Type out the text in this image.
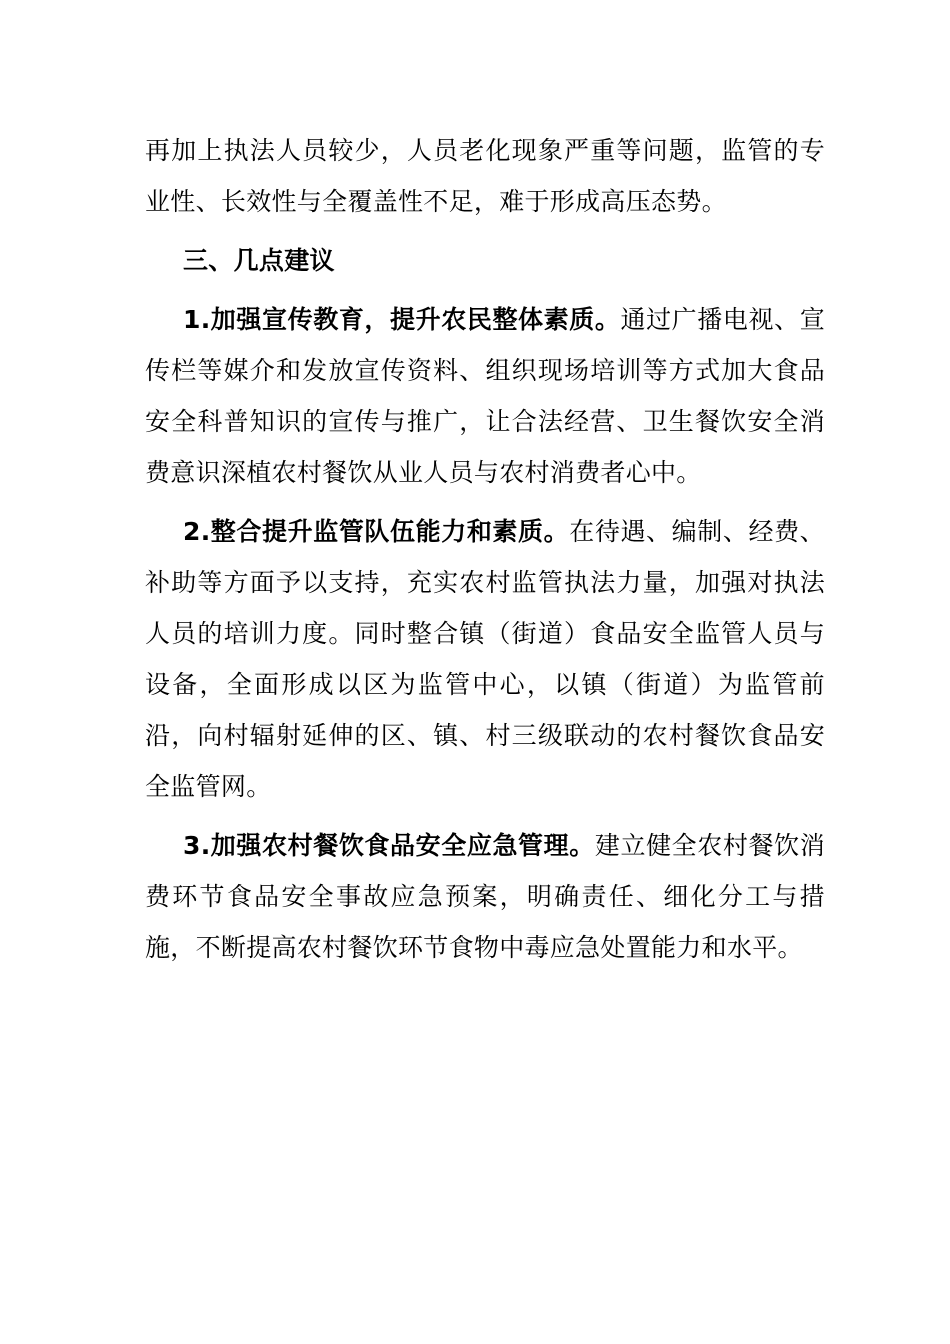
再加上执法人员较少，人员老化现象严重等问题，监管的专业性、长效性与全覆盖性不足，难于形成高压态势。

三、几点建议

1.加强宣传教育，提升农民整体素质。通过广播电视、宣传栏等媒介和发放宣传资料、组织现场培训等方式加大食品安全科普知识的宣传与推广，让合法经营、卫生餐饮安全消费意识深植农村餐饮从业人员与农村消费者心中。

2.整合提升监管队伍能力和素质。在待遇、编制、经费、补助等方面予以支持，充实农村监管执法力量，加强对执法人员的培训力度。同时整合镇（街道）食品安全监管人员与设备，全面形成以区为监管中心，以镇（街道）为监管前沿，向村辐射延伸的区、镇、村三级联动的农村餐饮食品安全监管网。

3.加强农村餐饮食品安全应急管理。建立健全农村餐饮消费环节食品安全事故应急预案，明确责任、细化分工与措施，不断提高农村餐饮环节食物中毒应急处置能力和水平。
